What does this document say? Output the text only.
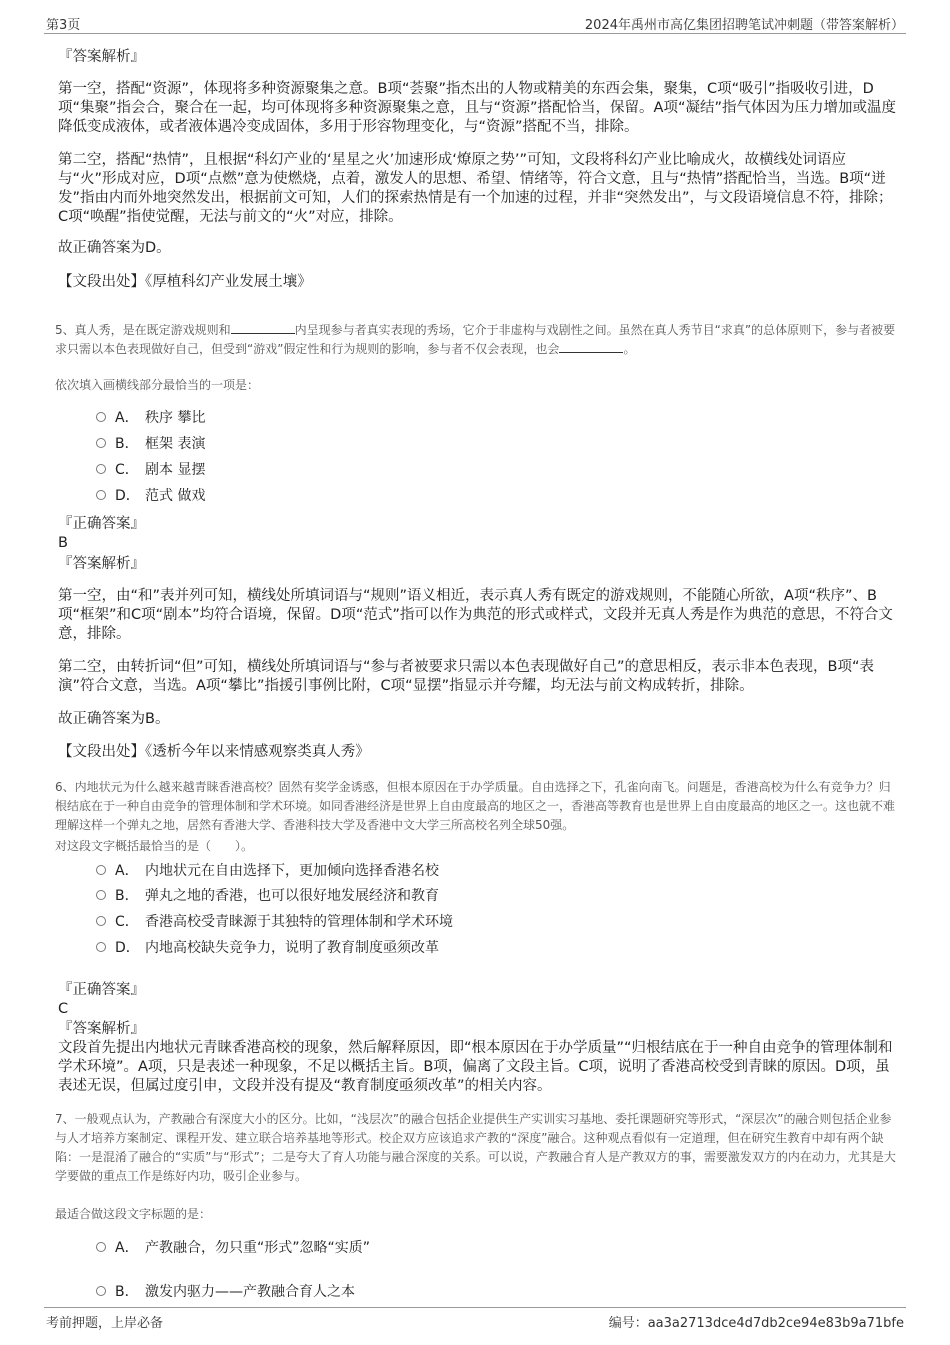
第3页	2024年禹州市高亿集团招聘笔试冲刺题（带答案解析）
『答案解析』
第一空，搭配“资源”，体现将多种资源聚集之意。B项“荟聚”指杰出的人物或精美的东西会集，聚集，C项“吸引”指吸收引进，D项“集聚”指会合，聚合在一起，均可体现将多种资源聚集之意，且与“资源”搭配恰当，保留。A项“凝结”指气体因为压力增加或温度降低变成液体，或者液体遇冷变成固体，多用于形容物理变化，与“资源”搭配不当，排除。
第二空，搭配“热情”，且根据“科幻产业的‘星星之火’加速形成‘燎原之势’”可知，文段将科幻产业比喻成火，故横线处词语应与“火”形成对应，D项“点燃”意为使燃烧，点着，激发人的思想、希望、情绪等，符合文意，且与“热情”搭配恰当，当选。B项“迸发”指由内而外地突然发出，根据前文可知，人们的探索热情是有一个加速的过程，并非“突然发出”，与文段语境信息不符，排除；C项“唤醒”指使觉醒，无法与前文的“火”对应，排除。
故正确答案为D。
【文段出处】《厚植科幻产业发展土壤》
5、真人秀，是在既定游戏规则和	内呈现参与者真实表现的秀场，它介于非虚构与戏剧性之间。虽然在真人秀节目“求真”的总体原则下，参与者被要求只需以本色表现做好自己，但受到“游戏”假定性和行为规则的影响，参与者不仅会表现，也会	。
依次填入画横线部分最恰当的一项是：
A． 秩序 攀比
B． 框架 表演
C． 剧本 显摆
D． 范式 做戏
『正确答案』
B
『答案解析』
第一空，由“和”表并列可知，横线处所填词语与“规则”语义相近，表示真人秀有既定的游戏规则，不能随心所欲，A项“秩序”、B项“框架”和C项“剧本”均符合语境，保留。D项“范式”指可以作为典范的形式或样式，文段并无真人秀是作为典范的意思，不符合文意，排除。
第二空，由转折词“但”可知，横线处所填词语与“参与者被要求只需以本色表现做好自己”的意思相反，表示非本色表现，B项“表演”符合文意，当选。A项“攀比”指援引事例比附，C项“显摆”指显示并夸耀，均无法与前文构成转折，排除。
故正确答案为B。
【文段出处】《透析今年以来情感观察类真人秀》
6、内地状元为什么越来越青睐香港高校？固然有奖学金诱惑，但根本原因在于办学质量。自由选择之下，孔雀向南飞。问题是，香港高校为什么有竞争力？归根结底在于一种自由竞争的管理体制和学术环境。如同香港经济是世界上自由度最高的地区之一，香港高等教育也是世界上自由度最高的地区之一。这也就不难理解这样一个弹丸之地，居然有香港大学、香港科技大学及香港中文大学三所高校名列全球50强。
对这段文字概括最恰当的是（　　）。
A． 内地状元在自由选择下，更加倾向选择香港名校
B． 弹丸之地的香港，也可以很好地发展经济和教育
C． 香港高校受青睐源于其独特的管理体制和学术环境
D． 内地高校缺失竞争力，说明了教育制度亟须改革
『正确答案』
C
『答案解析』
文段首先提出内地状元青睐香港高校的现象，然后解释原因，即“根本原因在于办学质量”“归根结底在于一种自由竞争的管理体制和学术环境”。A项，只是表述一种现象，不足以概括主旨。B项，偏离了文段主旨。C项，说明了香港高校受到青睐的原因。D项，虽表述无误，但属过度引申，文段并没有提及“教育制度亟须改革”的相关内容。
7、一般观点认为，产教融合有深度大小的区分。比如，“浅层次”的融合包括企业提供生产实训实习基地、委托课题研究等形式，“深层次”的融合则包括企业参与人才培养方案制定、课程开发、建立联合培养基地等形式。校企双方应该追求产教的“深度”融合。这种观点看似有一定道理，但在研究生教育中却有两个缺陷：一是混淆了融合的“实质”与“形式”；二是夸大了育人功能与融合深度的关系。可以说，产教融合育人是产教双方的事，需要激发双方的内在动力，尤其是大学要做的重点工作是练好内功，吸引企业参与。
最适合做这段文字标题的是：
A． 产教融合，勿只重“形式”忽略“实质”
B． 激发内驱力——产教融合育人之本
考前押题，上岸必备	编号：aa3a2713dce4d7db2ce94e83b9a71bfe
